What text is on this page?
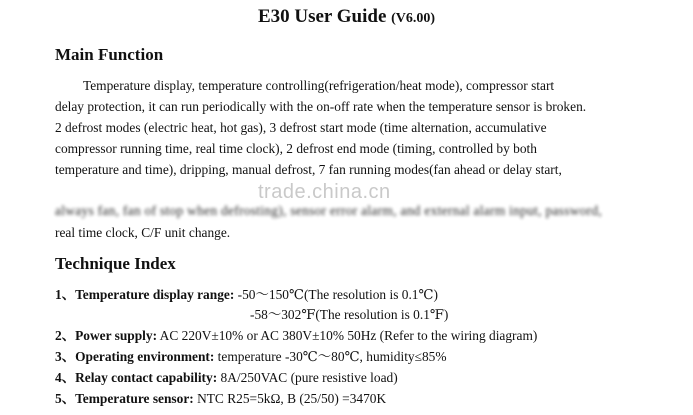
E30 User Guide (V6.00)
Main Function
Temperature display, temperature controlling(refrigeration/heat mode), compressor start
delay protection, it can run periodically with the on-off rate when the temperature sensor is broken.
2 defrost modes (electric heat, hot gas), 3 defrost start mode (time alternation, accumulative
compressor running time, real time clock), 2 defrost end mode (timing, controlled by both
temperature and time), dripping, manual defrost, 7 fan running modes(fan ahead or delay start,
always fan, fan of stop when defrosting), sensor error alarm, and external alarm input, password,
trade.china.cn
real time clock, C/F unit change.
Technique Index
1、Temperature display range: -50～150℃(The resolution is 0.1℃)
-58～302℉(The resolution is 0.1℉)
2、Power supply: AC 220V±10% or AC 380V±10% 50Hz (Refer to the wiring diagram)
3、Operating environment: temperature -30℃～80℃, humidity≤85%
4、Relay contact capability: 8A/250VAC (pure resistive load)
5、Temperature sensor: NTC R25=5kΩ, B (25/50) =3470K
